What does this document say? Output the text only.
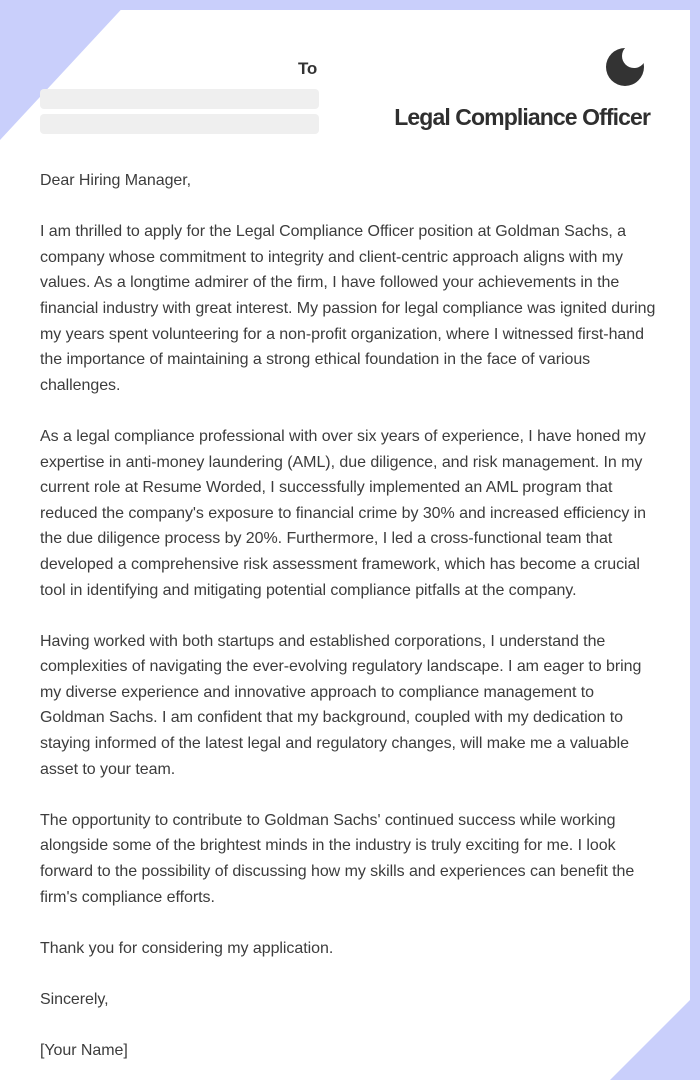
To
Legal Compliance Officer

Dear Hiring Manager,

I am thrilled to apply for the Legal Compliance Officer position at Goldman Sachs, a company whose commitment to integrity and client-centric approach aligns with my values. As a longtime admirer of the firm, I have followed your achievements in the financial industry with great interest. My passion for legal compliance was ignited during my years spent volunteering for a non-profit organization, where I witnessed first-hand the importance of maintaining a strong ethical foundation in the face of various challenges.

As a legal compliance professional with over six years of experience, I have honed my expertise in anti-money laundering (AML), due diligence, and risk management. In my current role at Resume Worded, I successfully implemented an AML program that reduced the company's exposure to financial crime by 30% and increased efficiency in the due diligence process by 20%. Furthermore, I led a cross-functional team that developed a comprehensive risk assessment framework, which has become a crucial tool in identifying and mitigating potential compliance pitfalls at the company.

Having worked with both startups and established corporations, I understand the complexities of navigating the ever-evolving regulatory landscape. I am eager to bring my diverse experience and innovative approach to compliance management to Goldman Sachs. I am confident that my background, coupled with my dedication to staying informed of the latest legal and regulatory changes, will make me a valuable asset to your team.

The opportunity to contribute to Goldman Sachs' continued success while working alongside some of the brightest minds in the industry is truly exciting for me. I look forward to the possibility of discussing how my skills and experiences can benefit the firm's compliance efforts.

Thank you for considering my application.

Sincerely,

[Your Name]
